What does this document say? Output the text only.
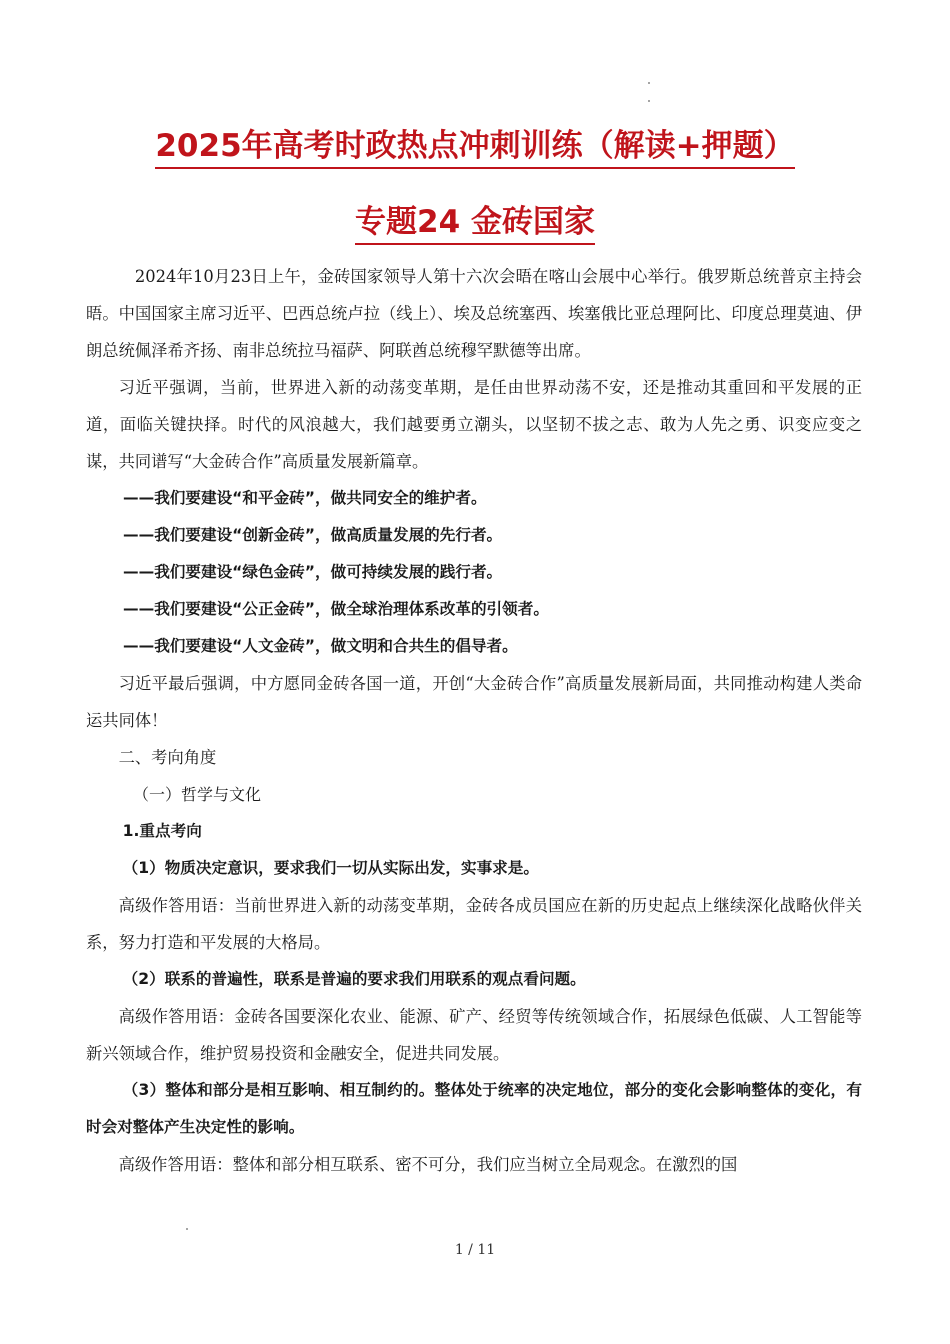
2025年高考时政热点冲刺训练（解读+押题）
专题24 金砖国家

2024年10月23日上午，金砖国家领导人第十六次会晤在喀山会展中心举行。俄罗斯总统普京主持会晤。中国国家主席习近平、巴西总统卢拉（线上）、埃及总统塞西、埃塞俄比亚总理阿比、印度总理莫迪、伊朗总统佩泽希齐扬、南非总统拉马福萨、阿联酋总统穆罕默德等出席。

习近平强调，当前，世界进入新的动荡变革期，是任由世界动荡不安，还是推动其重回和平发展的正道，面临关键抉择。时代的风浪越大，我们越要勇立潮头，以坚韧不拔之志、敢为人先之勇、识变应变之谋，共同谱写“大金砖合作”高质量发展新篇章。

——我们要建设“和平金砖”，做共同安全的维护者。

——我们要建设“创新金砖”，做高质量发展的先行者。

——我们要建设“绿色金砖”，做可持续发展的践行者。

——我们要建设“公正金砖”，做全球治理体系改革的引领者。

——我们要建设“人文金砖”，做文明和合共生的倡导者。

习近平最后强调，中方愿同金砖各国一道，开创“大金砖合作”高质量发展新局面，共同推动构建人类命运共同体！

二、考向角度

（一）哲学与文化

1.重点考向

（1）物质决定意识，要求我们一切从实际出发，实事求是。

高级作答用语：当前世界进入新的动荡变革期，金砖各成员国应在新的历史起点上继续深化战略伙伴关系，努力打造和平发展的大格局。

（2）联系的普遍性，联系是普遍的要求我们用联系的观点看问题。

高级作答用语：金砖各国要深化农业、能源、矿产、经贸等传统领域合作，拓展绿色低碳、人工智能等新兴领域合作，维护贸易投资和金融安全，促进共同发展。

（3）整体和部分是相互影响、相互制约的。整体处于统率的决定地位，部分的变化会影响整体的变化，有时会对整体产生决定性的影响。

高级作答用语：整体和部分相互联系、密不可分，我们应当树立全局观念。在激烈的国

1 / 11
